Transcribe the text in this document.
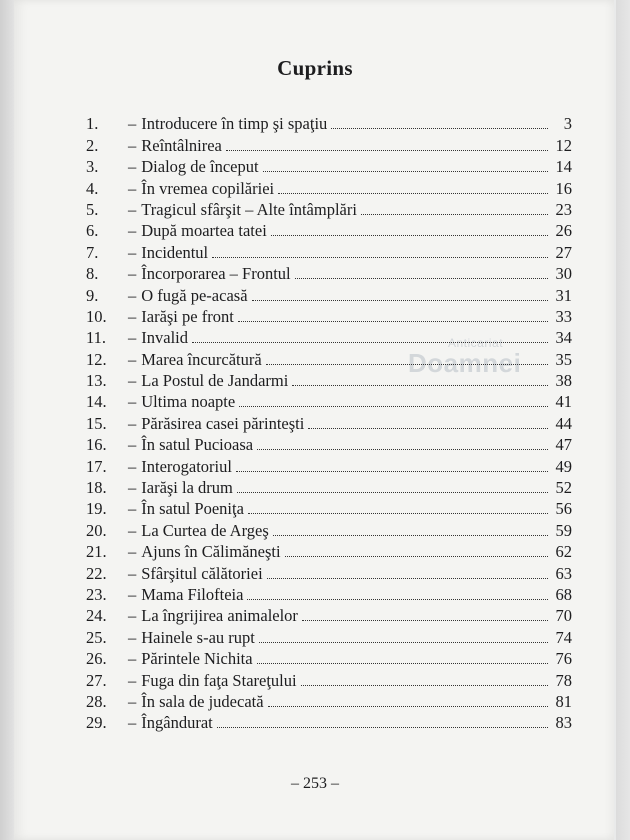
Cuprins
Anticariat
Doamnei
1.	– Introducere în timp şi spaţiu	3
2.	– Reîntâlnirea	12
3.	– Dialog de început	14
4.	– În vremea copilăriei	16
5.	– Tragicul sfârşit – Alte întâmplări	23
6.	– După moartea tatei	26
7.	– Incidentul	27
8.	– Încorporarea – Frontul	30
9.	– O fugă pe-acasă	31
10.	– Iarăşi pe front	33
11.	– Invalid	34
12.	– Marea încurcătură	35
13.	– La Postul de Jandarmi	38
14.	– Ultima noapte	41
15.	– Părăsirea casei părinteşti	44
16.	– În satul Pucioasa	47
17.	– Interogatoriul	49
18.	– Iarăşi la drum	52
19.	– În satul Poeniţa	56
20.	– La Curtea de Argeş	59
21.	– Ajuns în Călimăneşti	62
22.	– Sfârşitul călătoriei	63
23.	– Mama Filofteia	68
24.	– La îngrijirea animalelor	70
25.	– Hainele s-au rupt	74
26.	– Părintele Nichita	76
27.	– Fuga din faţa Stareţului	78
28.	– În sala de judecată	81
29.	– Îngândurat	83
– 253 –
